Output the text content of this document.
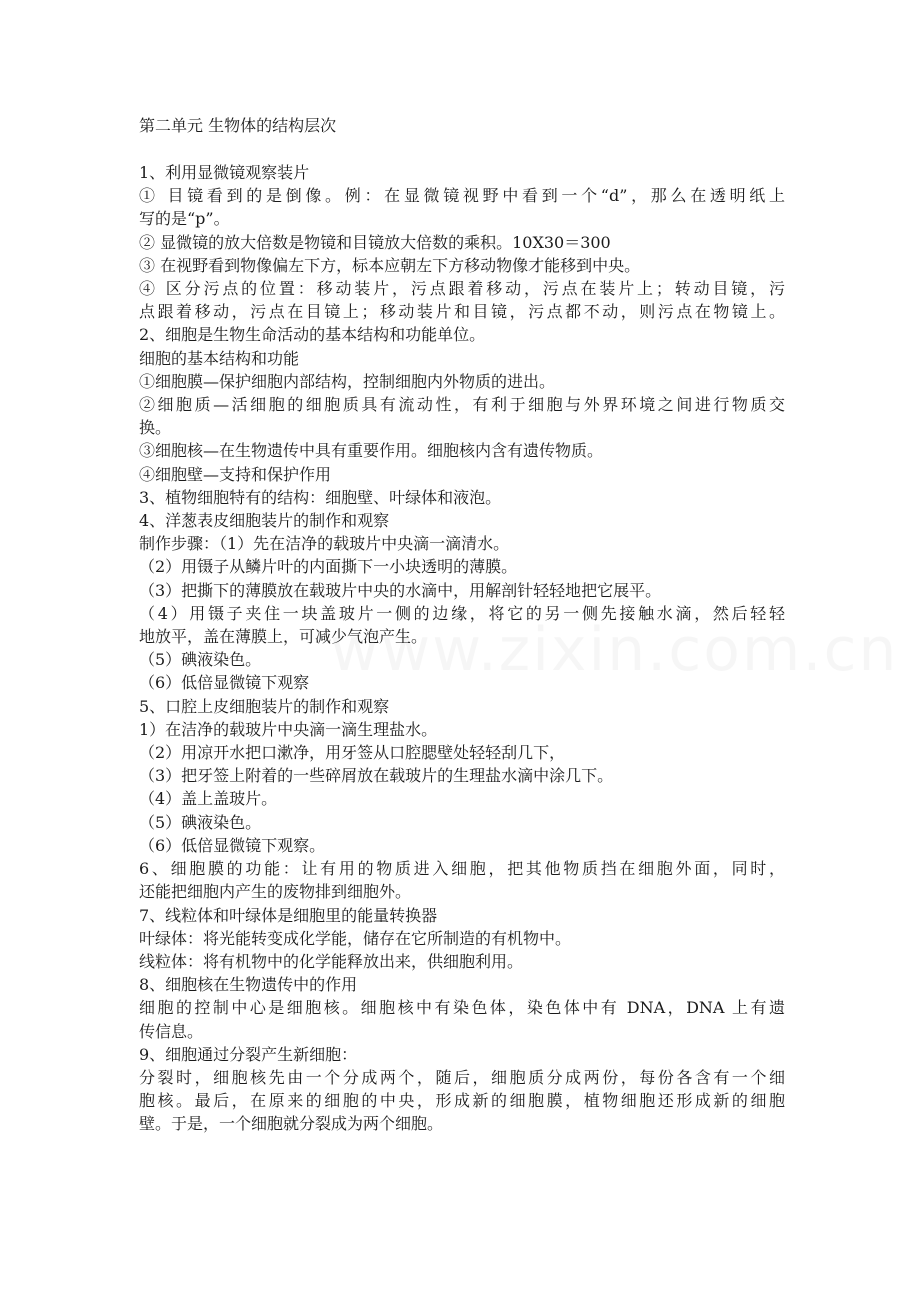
第二单元 生物体的结构层次

1、利用显微镜观察装片

① 目镜看到的是倒像。例：在显微镜视野中看到一个“d”，那么在透明纸上

写的是“p”。

② 显微镜的放大倍数是物镜和目镜放大倍数的乘积。10X30＝300

③ 在视野看到物像偏左下方，标本应朝左下方移动物像才能移到中央。

④ 区分污点的位置：移动装片，污点跟着移动，污点在装片上；转动目镜，污

点跟着移动，污点在目镜上；移动装片和目镜，污点都不动，则污点在物镜上。

2、细胞是生物生命活动的基本结构和功能单位。

细胞的基本结构和功能

①细胞膜—保护细胞内部结构，控制细胞内外物质的进出。

②细胞质—活细胞的细胞质具有流动性，有利于细胞与外界环境之间进行物质交

换。

③细胞核—在生物遗传中具有重要作用。细胞核内含有遗传物质。

④细胞壁—支持和保护作用

3、植物细胞特有的结构：细胞壁、叶绿体和液泡。

4、洋葱表皮细胞装片的制作和观察

制作步骤：（1）先在洁净的载玻片中央滴一滴清水。

（2）用镊子从鳞片叶的内面撕下一小块透明的薄膜。

（3）把撕下的薄膜放在载玻片中央的水滴中，用解剖针轻轻地把它展平。

（4）用镊子夹住一块盖玻片一侧的边缘，将它的另一侧先接触水滴，然后轻轻

地放平，盖在薄膜上，可减少气泡产生。

（5）碘液染色。

（6）低倍显微镜下观察

5、口腔上皮细胞装片的制作和观察

1）在洁净的载玻片中央滴一滴生理盐水。

（2）用凉开水把口漱净，用牙签从口腔腮壁处轻轻刮几下，

（3）把牙签上附着的一些碎屑放在载玻片的生理盐水滴中涂几下。

（4）盖上盖玻片。

（5）碘液染色。

（6）低倍显微镜下观察。

6、细胞膜的功能：让有用的物质进入细胞，把其他物质挡在细胞外面，同时，

还能把细胞内产生的废物排到细胞外。

7、线粒体和叶绿体是细胞里的能量转换器

叶绿体：将光能转变成化学能，储存在它所制造的有机物中。

线粒体：将有机物中的化学能释放出来，供细胞利用。

8、细胞核在生物遗传中的作用

细胞的控制中心是细胞核。细胞核中有染色体，染色体中有 DNA，DNA 上有遗

传信息。

9、细胞通过分裂产生新细胞：

分裂时，细胞核先由一个分成两个，随后，细胞质分成两份，每份各含有一个细

胞核。最后，在原来的细胞的中央，形成新的细胞膜，植物细胞还形成新的细胞

壁。于是，一个细胞就分裂成为两个细胞。
